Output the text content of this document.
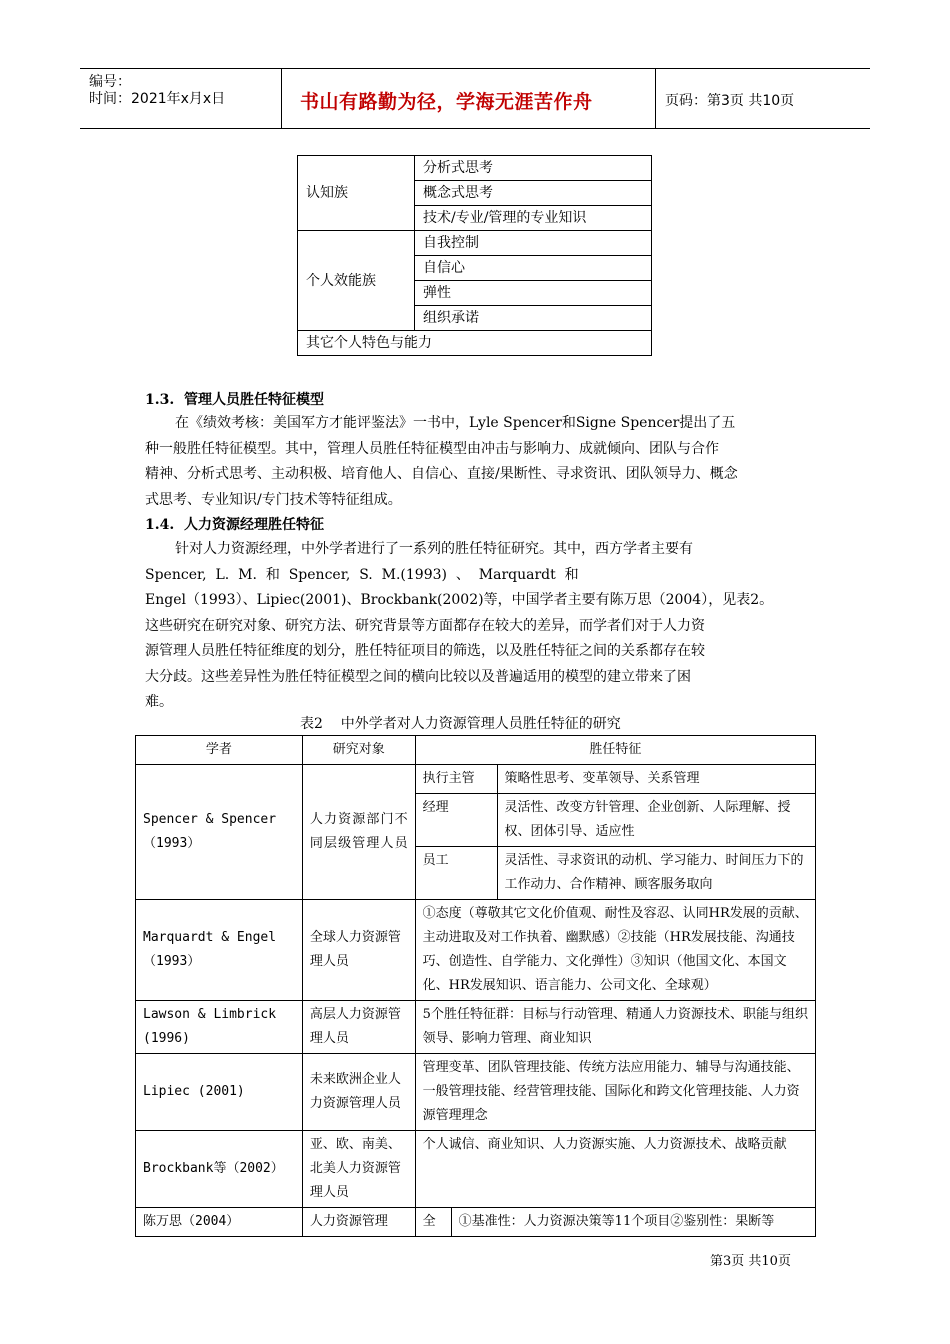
编号：
时间：2021年x月x日	书山有路勤为径，学海无涯苦作舟	页码：第3页 共10页
认知族	分析式思考
	概念式思考
	技术/专业/管理的专业知识
个人效能族	自我控制
	自信心
	弹性
	组织承诺
其它个人特色与能力	
1.3.  管理人员胜任特征模型
在《绩效考核：美国军方才能评鉴法》一书中，Lyle Spencer和Signe Spencer提出了五
种一般胜任特征模型。其中，管理人员胜任特征模型由冲击与影响力、成就倾向、团队与合作
精神、分析式思考、主动积极、培育他人、自信心、直接/果断性、寻求资讯、团队领导力、概念
式思考、专业知识/专门技术等特征组成。
1.4.  人力资源经理胜任特征
针对人力资源经理，中外学者进行了一系列的胜任特征研究。其中，西方学者主要有
Spencer,  L.  M.  和  Spencer,  S.  M.(1993)  、  Marquardt  和
Engel（1993）、Lipiec(2001)、Brockbank(2002)等，中国学者主要有陈万思（2004），见表2。
这些研究在研究对象、研究方法、研究背景等方面都存在较大的差异，而学者们对于人力资
源管理人员胜任特征维度的划分，胜任特征项目的筛选，以及胜任特征之间的关系都存在较
大分歧。这些差异性为胜任特征模型之间的横向比较以及普遍适用的模型的建立带来了困
难。
表2    中外学者对人力资源管理人员胜任特征的研究
学者	研究对象	胜任特征	
Spencer & Spencer（1993）	人力资源部门不同层级管理人员	执行主管	策略性思考、变革领导、关系管理
		经理	灵活性、改变方针管理、企业创新、人际理解、授权、团体引导、适应性
		员工	灵活性、寻求资讯的动机、学习能力、时间压力下的工作动力、合作精神、顾客服务取向
Marquardt & Engel（1993）	全球人力资源管理人员	①态度（尊敬其它文化价值观、耐性及容忍、认同HR发展的贡献、主动进取及对工作执着、幽默感）②技能（HR发展技能、沟通技巧、创造性、自学能力、文化弹性）③知识（他国文化、本国文化、HR发展知识、语言能力、公司文化、全球观）	
Lawson & Limbrick (1996)	高层人力资源管理人员	5个胜任特征群：目标与行动管理、精通人力资源技术、职能与组织领导、影响力管理、商业知识	
Lipiec (2001)	未来欧洲企业人力资源管理人员	管理变革、团队管理技能、传统方法应用能力、辅导与沟通技能、一般管理技能、经营管理技能、国际化和跨文化管理技能、人力资源管理理念	
Brockbank等（2002）	亚、欧、南美、北美人力资源管理人员	个人诚信、商业知识、人力资源实施、人力资源技术、战略贡献	
陈万思（2004）	人力资源管理	全 ①基准性：人力资源决策等11个项目②鉴别性：果断等	
第3页 共10页
